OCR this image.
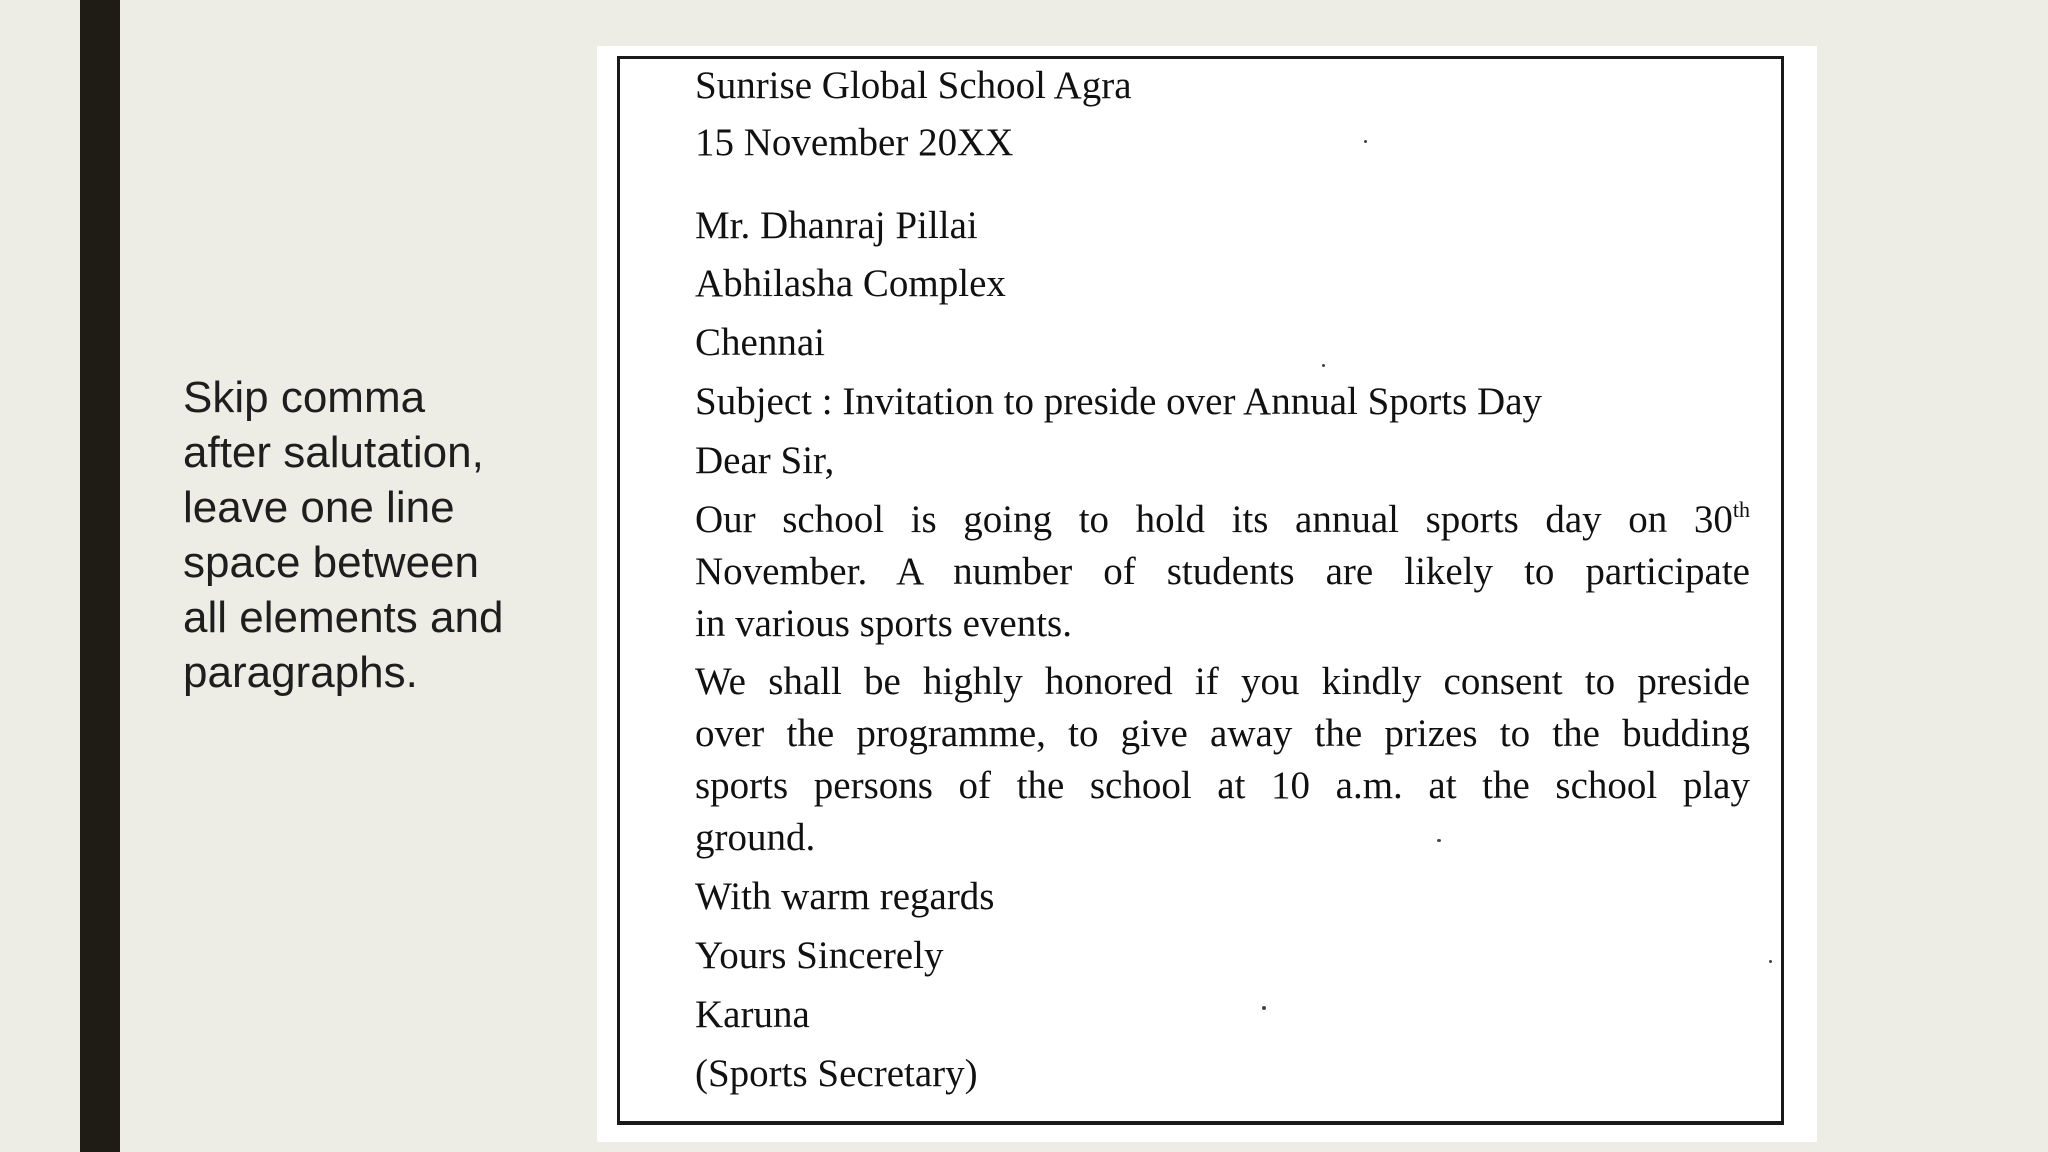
Skip comma
after salutation,
leave one line
space between
all elements and
paragraphs.
Sunrise Global School Agra
15 November 20XX
Mr. Dhanraj Pillai
Abhilasha Complex
Chennai
Subject : Invitation to preside over Annual Sports Day
Dear Sir,
Our school is going to hold its annual sports day on 30th
November. A number of students are likely to participate
in various sports events.
We shall be highly honored if you kindly consent to preside
over the programme, to give away the prizes to the budding
sports persons of the school at 10 a.m. at the school play
ground.
With warm regards
Yours Sincerely
Karuna
(Sports Secretary)
